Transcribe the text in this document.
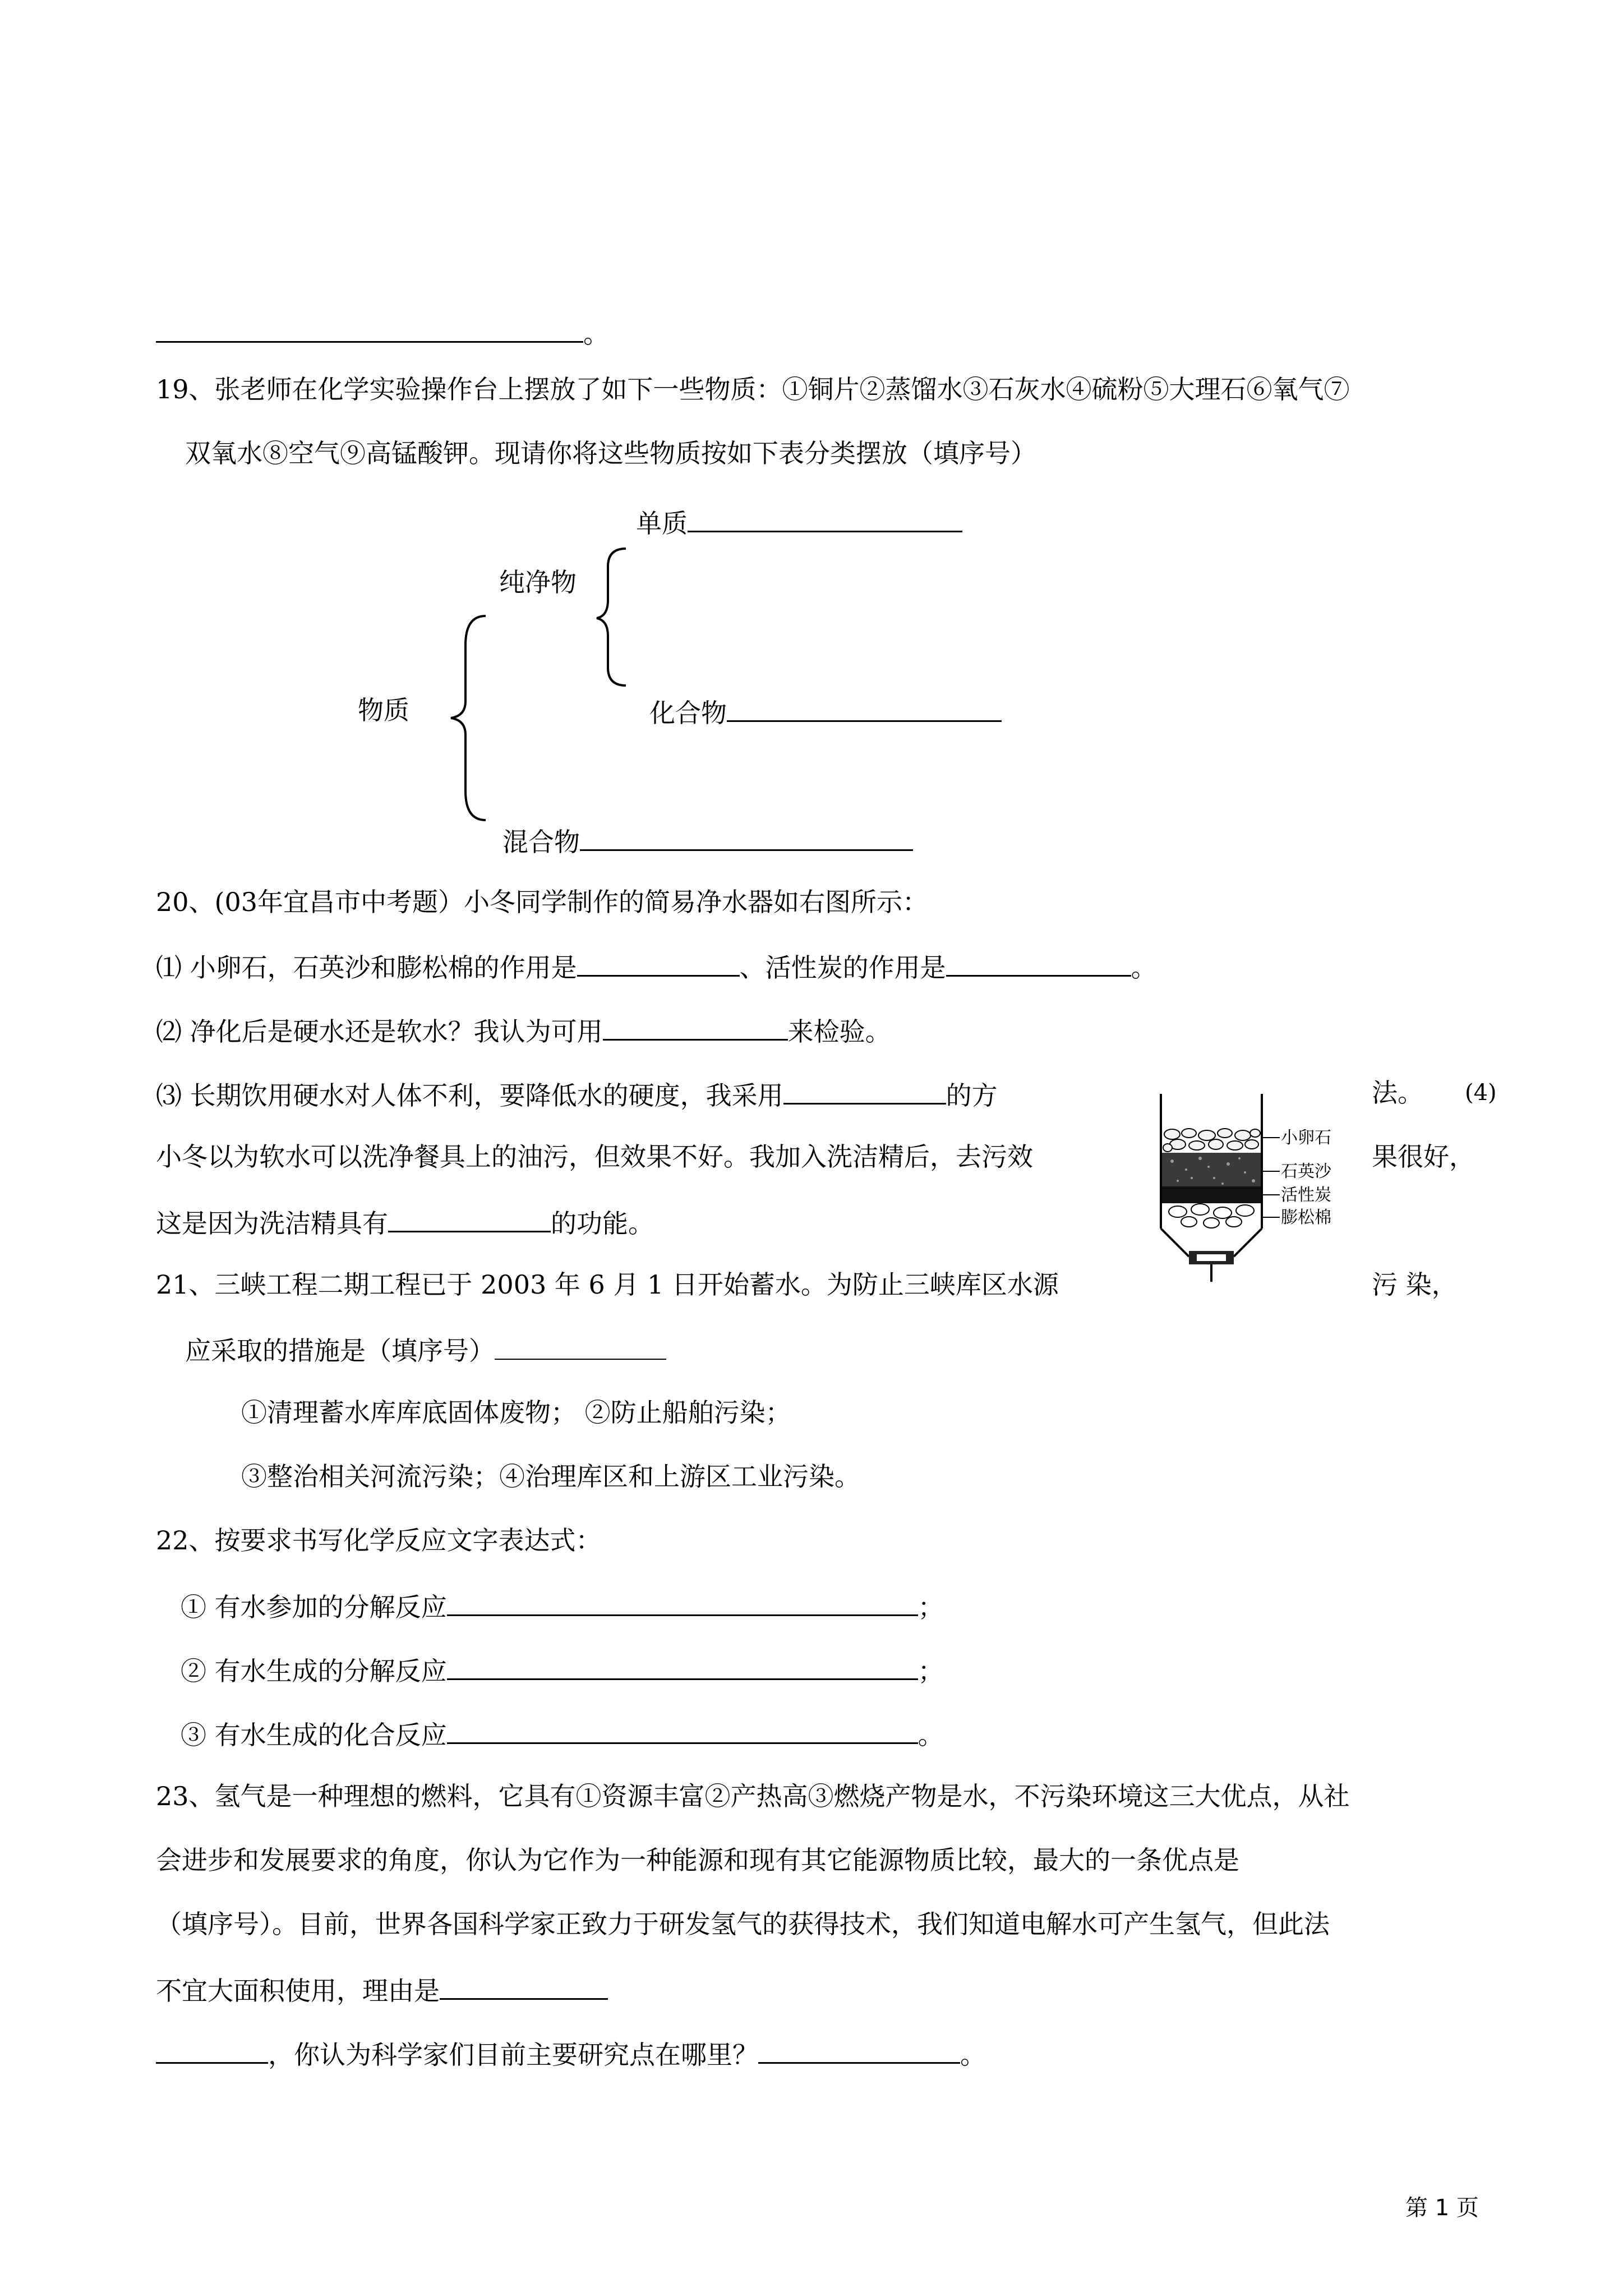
。
19、张老师在化学实验操作台上摆放了如下一些物质：①铜片②蒸馏水③石灰水④硫粉⑤大理石⑥氧气⑦
双氧水⑧空气⑨高锰酸钾。现请你将这些物质按如下表分类摆放（填序号）
单质
纯净物
物质	化合物
混合物
20、(03年宜昌市中考题）小冬同学制作的简易净水器如右图所示：
⑴ 小卵石，石英沙和膨松棉的作用是	、活性炭的作用是	。
⑵ 净化后是硬水还是软水？我认为可用	来检验。
⑶ 长期饮用硬水对人体不利，要降低水的硬度，我采用	的方	法。 (4)
小冬以为软水可以洗净餐具上的油污，但效果不好。我加入洗洁精后，去污效	果很好，
这是因为洗洁精具有	的功能。
小卵石
石英沙
活性炭
膨松棉
21、三峡工程二期工程已于 2003 年 6 月 1 日开始蓄水。为防止三峡库区水源	污 染，
应采取的措施是（填序号）
①清理蓄水库库底固体废物； ②防止船舶污染；
③整治相关河流污染；④治理库区和上游区工业污染。
22、按要求书写化学反应文字表达式：
① 有水参加的分解反应	；
② 有水生成的分解反应	；
③ 有水生成的化合反应	。
23、氢气是一种理想的燃料，它具有①资源丰富②产热高③燃烧产物是水，不污染环境这三大优点，从社
会进步和发展要求的角度，你认为它作为一种能源和现有其它能源物质比较，最大的一条优点是
（填序号）。目前，世界各国科学家正致力于研发氢气的获得技术，我们知道电解水可产生氢气，但此法
不宜大面积使用，理由是
，你认为科学家们目前主要研究点在哪里？	。
第 1 页
